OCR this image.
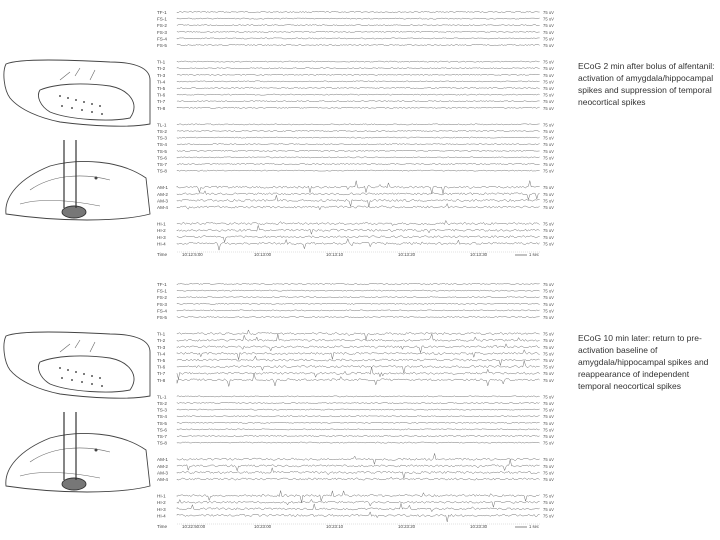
TF-1	75 uV
FS-1	75 uV
FS-2	75 uV
FS-3	75 uV
FS-4	75 uV
FS-5	75 uV
TI-1	75 uV
TI-2	75 uV
TI-3	75 uV
TI-4	75 uV
TI-5	75 uV
TI-6	75 uV
TI-7	75 uV
TI-8	75 uV
TL-1	75 uV
TS-2	75 uV
TS-3	75 uV
TS-4	75 uV
TS-5	75 uV
TS-6	75 uV
TS-7	75 uV
TS-8	75 uV
AM-1	75 uV
AM-2	75 uV
AM-3	75 uV
AM-4	75 uV
HI-1	75 uV
HI-2	75 uV
HI-3	75 uV
HI-4	75 uV
Time	10:12:5:00	10:13:00	10:13:10	10:13:20	10:13:30	1 sec
ECoG 2 min after bolus of alfentanil: activation of amygdala/hippocampal spikes and suppression of temporal neocortical spikes
TF-1	75 uV
FS-1	75 uV
FS-2	75 uV
FS-3	75 uV
FS-4	75 uV
FS-5	75 uV
TI-1	75 uV
TI-2	75 uV
TI-3	75 uV
TI-4	75 uV
TI-5	75 uV
TI-6	75 uV
TI-7	75 uV
TI-8	75 uV
TL-1	75 uV
TS-2	75 uV
TS-3	75 uV
TS-4	75 uV
TS-5	75 uV
TS-6	75 uV
TS-7	75 uV
TS-8	75 uV
AM-1	75 uV
AM-2	75 uV
AM-3	75 uV
AM-4	75 uV
HI-1	75 uV
HI-2	75 uV
HI-3	75 uV
HI-4	75 uV
Time	10:22:50:00	10:23:00	10:23:10	10:23:20	10:23:30	1 sec
ECoG 10 min later: return to pre-activation baseline of amygdala/hippocampal spikes and reappearance of independent temporal neocortical spikes
